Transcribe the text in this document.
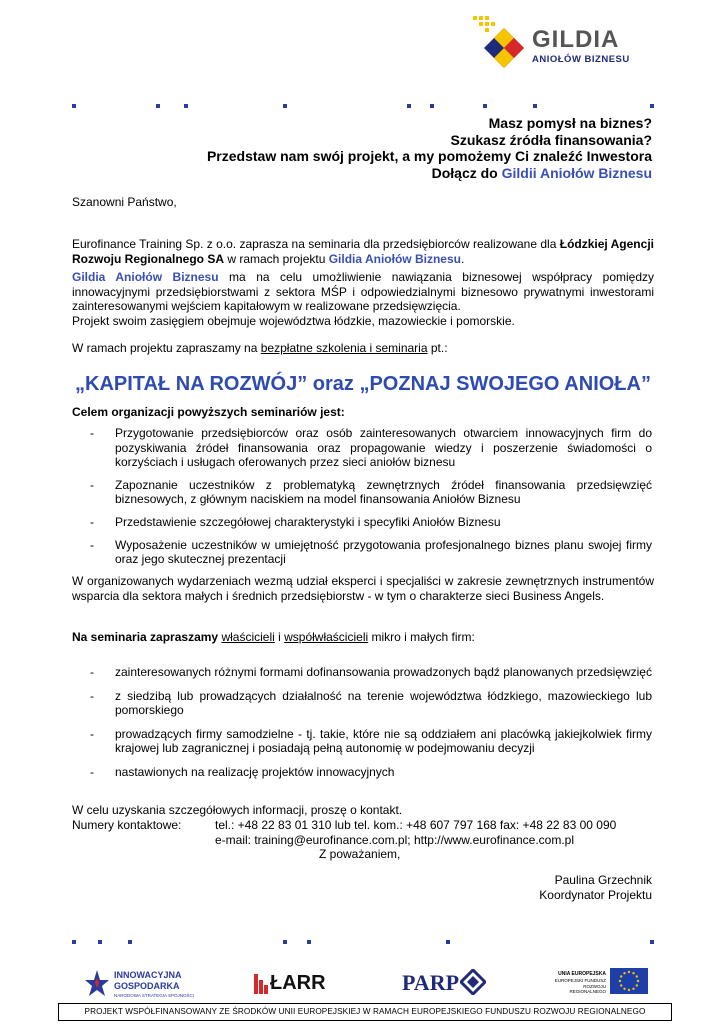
GILDIA
ANIOŁÓW BIZNESU
Masz pomysł na biznes?
Szukasz źródła finansowania?
Przedstaw nam swój projekt, a my pomożemy Ci znaleźć Inwestora
Dołącz do Gildii Aniołów Biznesu

Szanowni Państwo,

Eurofinance Training Sp. z o.o. zaprasza na seminaria dla przedsiębiorców realizowane dla Łódzkiej Agencji Rozwoju Regionalnego SA w ramach projektu Gildia Aniołów Biznesu.

Gildia Aniołów Biznesu ma na celu umożliwienie nawiązania biznesowej współpracy pomiędzy innowacyjnymi przedsiębiorstwami z sektora MŚP i odpowiedzialnymi biznesowo prywatnymi inwestorami zainteresowanymi wejściem kapitałowym w realizowane przedsięwzięcia.

Projekt swoim zasięgiem obejmuje województwa łódzkie, mazowieckie i pomorskie.

W ramach projektu zapraszamy na bezpłatne szkolenia i seminaria pt.:

„KAPITAŁ NA ROZWÓJ” oraz „POZNAJ SWOJEGO ANIOŁA”

Celem organizacji powyższych seminariów jest:

- Przygotowanie przedsiębiorców oraz osób zainteresowanych otwarciem innowacyjnych firm do pozyskiwania źródeł finansowania oraz propagowanie wiedzy i poszerzenie świadomości o korzyściach i usługach oferowanych przez sieci aniołów biznesu
- Zapoznanie uczestników z problematyką zewnętrznych źródeł finansowania przedsięwzięć biznesowych, z głównym naciskiem na model finansowania Aniołów Biznesu
- Przedstawienie szczegółowej charakterystyki i specyfiki Aniołów Biznesu
- Wyposażenie uczestników w umiejętność przygotowania profesjonalnego biznes planu swojej firmy oraz jego skutecznej prezentacji

W organizowanych wydarzeniach wezmą udział eksperci i specjaliści w zakresie zewnętrznych instrumentów wsparcia dla sektora małych i średnich przedsiębiorstw - w tym o charakterze sieci Business Angels.

Na seminaria zapraszamy właścicieli i współwłaścicieli mikro i małych firm:

- zainteresowanych różnymi formami dofinansowania prowadzonych bądź planowanych przedsięwzięć
- z siedzibą lub prowadzących działalność na terenie województwa łódzkiego, mazowieckiego lub pomorskiego
- prowadzących firmy samodzielne - tj. takie, które nie są oddziałem ani placówką jakiejkolwiek firmy krajowej lub zagranicznej i posiadają pełną autonomię w podejmowaniu decyzji
- nastawionych na realizację projektów innowacyjnych

W celu uzyskania szczegółowych informacji, proszę o kontakt.

Numery kontaktowe:	tel.: +48 22 83 01 310 lub tel. kom.: +48 607 797 168 fax: +48 22 83 00 090

e-mail: training@eurofinance.com.pl; http://www.eurofinance.com.pl

Z poważaniem,

Paulina Grzechnik

Koordynator Projektu

INNOWACYJNA
GOSPODARKA
NARODOWA STRATEGIA SPÓJNOŚCI
ŁARR	PARP	UNIA EUROPEJSKA
EUROPEJSKI FUNDUSZ
ROZWOJU REGIONALNEGO
PROJEKT WSPÓŁFINANSOWANY ZE ŚRODKÓW UNII EUROPEJSKIEJ W RAMACH EUROPEJSKIEGO FUNDUSZU ROZWOJU REGIONALNEGO
